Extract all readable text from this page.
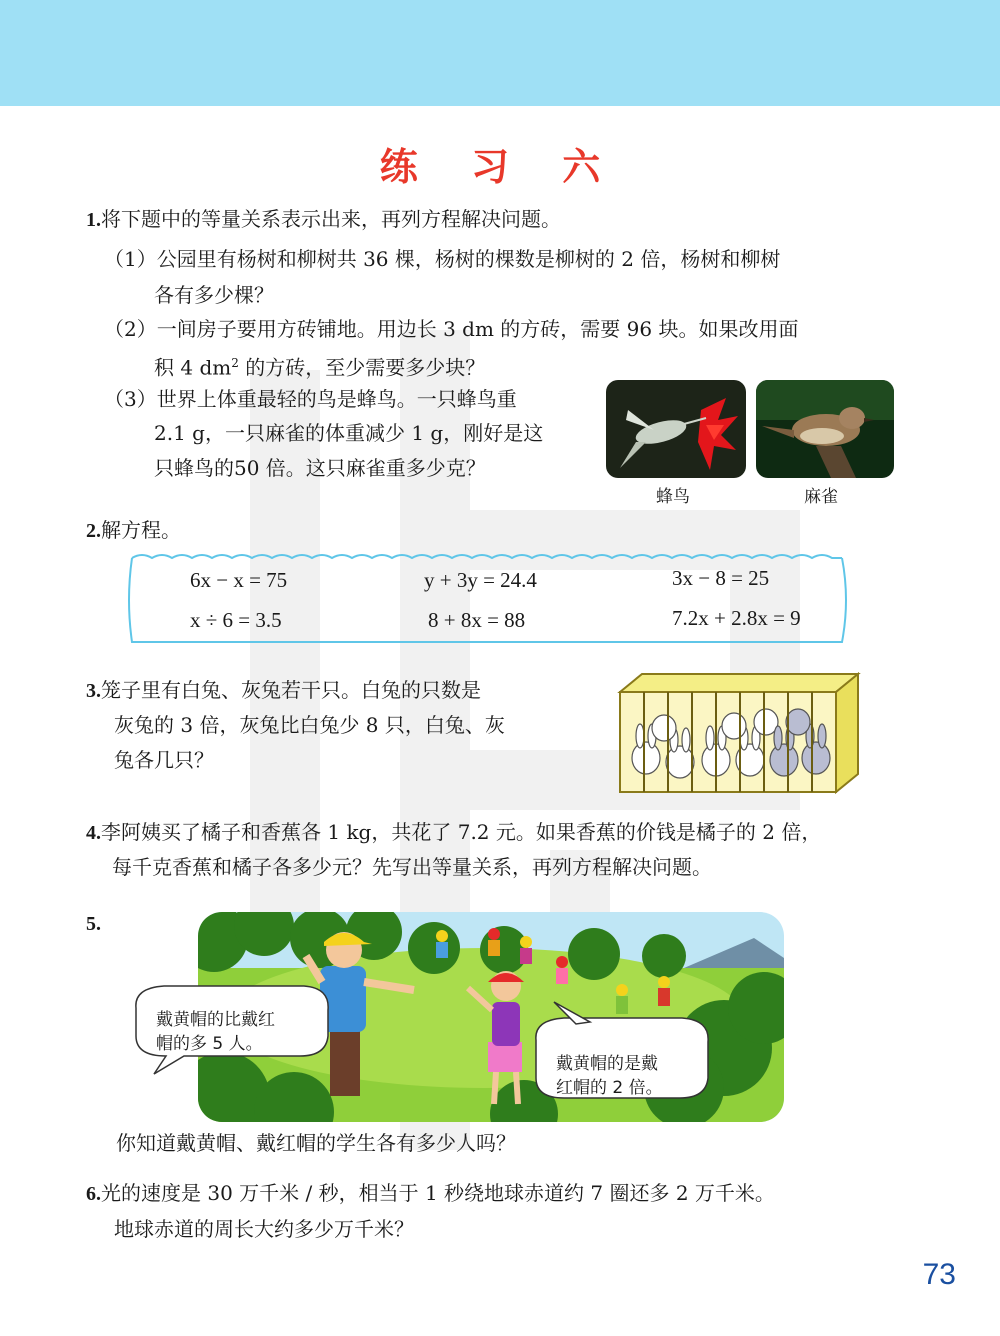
练 习 六
1.将下题中的等量关系表示出来，再列方程解决问题。
（1）公园里有杨树和柳树共 36 棵，杨树的棵数是柳树的 2 倍，杨树和柳树
各有多少棵？
（2）一间房子要用方砖铺地。用边长 3 dm 的方砖，需要 96 块。如果改用面
积 4 $dm^2$ 的方砖，至少需要多少块？
（3）世界上体重最轻的鸟是蜂鸟。一只蜂鸟重
2.1 g，一只麻雀的体重减少 1 g，刚好是这
只蜂鸟的50 倍。这只麻雀重多少克？
蜂鸟	麻雀
2.解方程。
6x − x = 75	y + 3y = 24.4	3x − 8 = 25
x ÷ 6 = 3.5	8 + 8x = 88	7.2x + 2.8x = 9
3.笼子里有白兔、灰兔若干只。白兔的只数是
灰兔的 3 倍，灰兔比白兔少 8 只，白兔、灰
兔各几只？
4.李阿姨买了橘子和香蕉各 1 kg，共花了 7.2 元。如果香蕉的价钱是橘子的 2 倍，
每千克香蕉和橘子各多少元？先写出等量关系，再列方程解决问题。
5.
戴黄帽的比戴红
帽的多 5 人。
戴黄帽的是戴
红帽的 2 倍。
你知道戴黄帽、戴红帽的学生各有多少人吗？
6.光的速度是 30 万千米 / 秒，相当于 1 秒绕地球赤道约 7 圈还多 2 万千米。
地球赤道的周长大约多少万千米？
73
